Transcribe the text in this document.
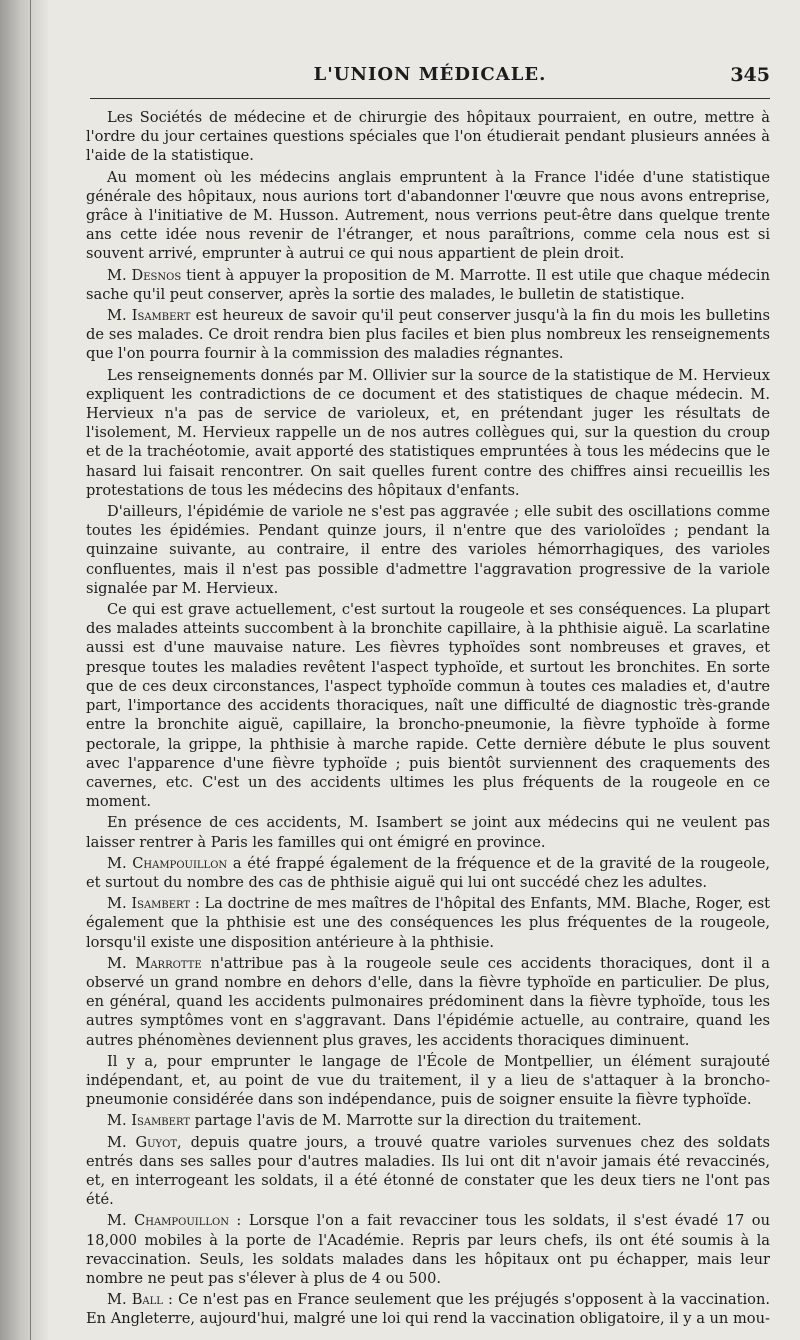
L'UNION MÉDICALE.	345

Les Sociétés de médecine et de chirurgie des hôpitaux pourraient, en outre, mettre à l'ordre du jour certaines questions spéciales que l'on étudierait pendant plusieurs années à l'aide de la statistique.

Au moment où les médecins anglais empruntent à la France l'idée d'une statistique générale des hôpitaux, nous aurions tort d'abandonner l'œuvre que nous avons entreprise, grâce à l'initiative de M. Husson. Autrement, nous verrions peut-être dans quelque trente ans cette idée nous revenir de l'étranger, et nous paraîtrions, comme cela nous est si souvent arrivé, emprunter à autrui ce qui nous appartient de plein droit.

M. Desnos tient à appuyer la proposition de M. Marrotte. Il est utile que chaque médecin sache qu'il peut conserver, après la sortie des malades, le bulletin de statistique.

M. Isambert est heureux de savoir qu'il peut conserver jusqu'à la fin du mois les bulletins de ses malades. Ce droit rendra bien plus faciles et bien plus nombreux les renseignements que l'on pourra fournir à la commission des maladies régnantes.

Les renseignements donnés par M. Ollivier sur la source de la statistique de M. Hervieux expliquent les contradictions de ce document et des statistiques de chaque médecin. M. Hervieux n'a pas de service de varioleux, et, en prétendant juger les résultats de l'isolement, M. Hervieux rappelle un de nos autres collègues qui, sur la question du croup et de la trachéotomie, avait apporté des statistiques empruntées à tous les médecins que le hasard lui faisait rencontrer. On sait quelles furent contre des chiffres ainsi recueillis les protestations de tous les médecins des hôpitaux d'enfants.

D'ailleurs, l'épidémie de variole ne s'est pas aggravée ; elle subit des oscillations comme toutes les épidémies. Pendant quinze jours, il n'entre que des varioloïdes ; pendant la quinzaine suivante, au contraire, il entre des varioles hémorrhagiques, des varioles confluentes, mais il n'est pas possible d'admettre l'aggravation progressive de la variole signalée par M. Hervieux.

Ce qui est grave actuellement, c'est surtout la rougeole et ses conséquences. La plupart des malades atteints succombent à la bronchite capillaire, à la phthisie aiguë. La scarlatine aussi est d'une mauvaise nature. Les fièvres typhoïdes sont nombreuses et graves, et presque toutes les maladies revêtent l'aspect typhoïde, et surtout les bronchites. En sorte que de ces deux circonstances, l'aspect typhoïde commun à toutes ces maladies et, d'autre part, l'importance des accidents thoraciques, naît une difficulté de diagnostic très-grande entre la bronchite aiguë, capillaire, la broncho-pneumonie, la fièvre typhoïde à forme pectorale, la grippe, la phthisie à marche rapide. Cette dernière débute le plus souvent avec l'apparence d'une fièvre typhoïde ; puis bientôt surviennent des craquements des cavernes, etc. C'est un des accidents ultimes les plus fréquents de la rougeole en ce moment.

En présence de ces accidents, M. Isambert se joint aux médecins qui ne veulent pas laisser rentrer à Paris les familles qui ont émigré en province.

M. Champouillon a été frappé également de la fréquence et de la gravité de la rougeole, et surtout du nombre des cas de phthisie aiguë qui lui ont succédé chez les adultes.

M. Isambert : La doctrine de mes maîtres de l'hôpital des Enfants, MM. Blache, Roger, est également que la phthisie est une des conséquences les plus fréquentes de la rougeole, lorsqu'il existe une disposition antérieure à la phthisie.

M. Marrotte n'attribue pas à la rougeole seule ces accidents thoraciques, dont il a observé un grand nombre en dehors d'elle, dans la fièvre typhoïde en particulier. De plus, en général, quand les accidents pulmonaires prédominent dans la fièvre typhoïde, tous les autres symptômes vont en s'aggravant. Dans l'épidémie actuelle, au contraire, quand les autres phénomènes deviennent plus graves, les accidents thoraciques diminuent.

Il y a, pour emprunter le langage de l'École de Montpellier, un élément surajouté indépendant, et, au point de vue du traitement, il y a lieu de s'attaquer à la broncho-pneumonie considérée dans son indépendance, puis de soigner ensuite la fièvre typhoïde.

M. Isambert partage l'avis de M. Marrotte sur la direction du traitement.

M. Guyot, depuis quatre jours, a trouvé quatre varioles survenues chez des soldats entrés dans ses salles pour d'autres maladies. Ils lui ont dit n'avoir jamais été revaccinés, et, en interrogeant les soldats, il a été étonné de constater que les deux tiers ne l'ont pas été.

M. Champouillon : Lorsque l'on a fait revacciner tous les soldats, il s'est évadé 17 ou 18,000 mobiles à la porte de l'Académie. Repris par leurs chefs, ils ont été soumis à la revaccination. Seuls, les soldats malades dans les hôpitaux ont pu échapper, mais leur nombre ne peut pas s'élever à plus de 4 ou 500.

M. Ball : Ce n'est pas en France seulement que les préjugés s'opposent à la vaccination. En Angleterre, aujourd'hui, malgré une loi qui rend la vaccination obligatoire, il y a un mou-
